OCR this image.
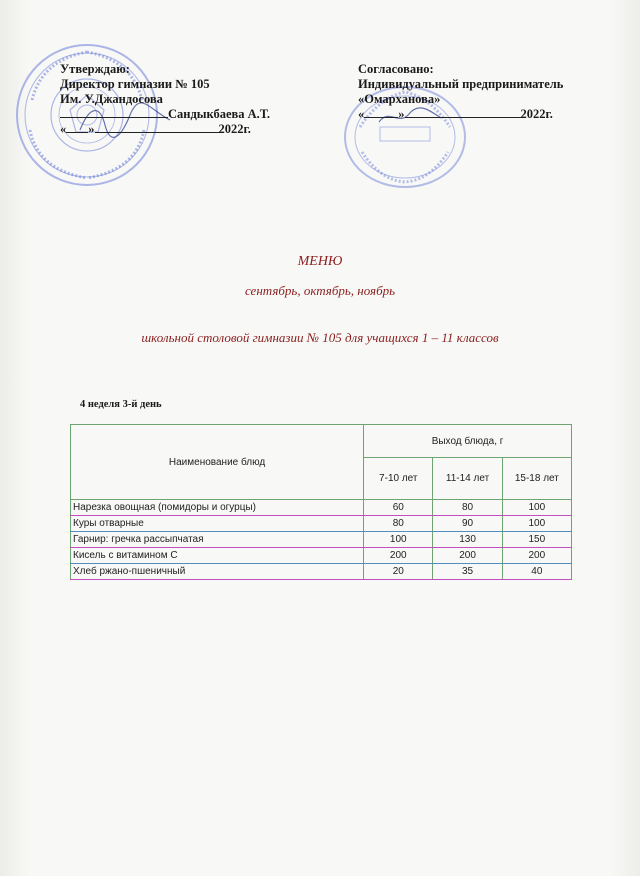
Утверждаю:
Директор гимназии № 105
Им. У.Джандосова
Сандыкбаева А.Т.
« »	2022г.
Согласовано:
Индивидуальный предприниматель
«Омарханова»
«	»	2022г.
МЕНЮ
сентябрь, октябрь, ноябрь
школьной столовой гимназии № 105 для учащихся 1 – 11 классов
4 неделя 3-й день
Наименование блюд	Выход блюда, г		
	7-10 лет	11-14 лет	15-18 лет
Нарезка овощная (помидоры и огурцы)	60	80	100
Куры отварные	80	90	100
Гарнир: гречка рассыпчатая	100	130	150
Кисель с витамином С	200	200	200
Хлеб ржано-пшеничный	20	35	40
